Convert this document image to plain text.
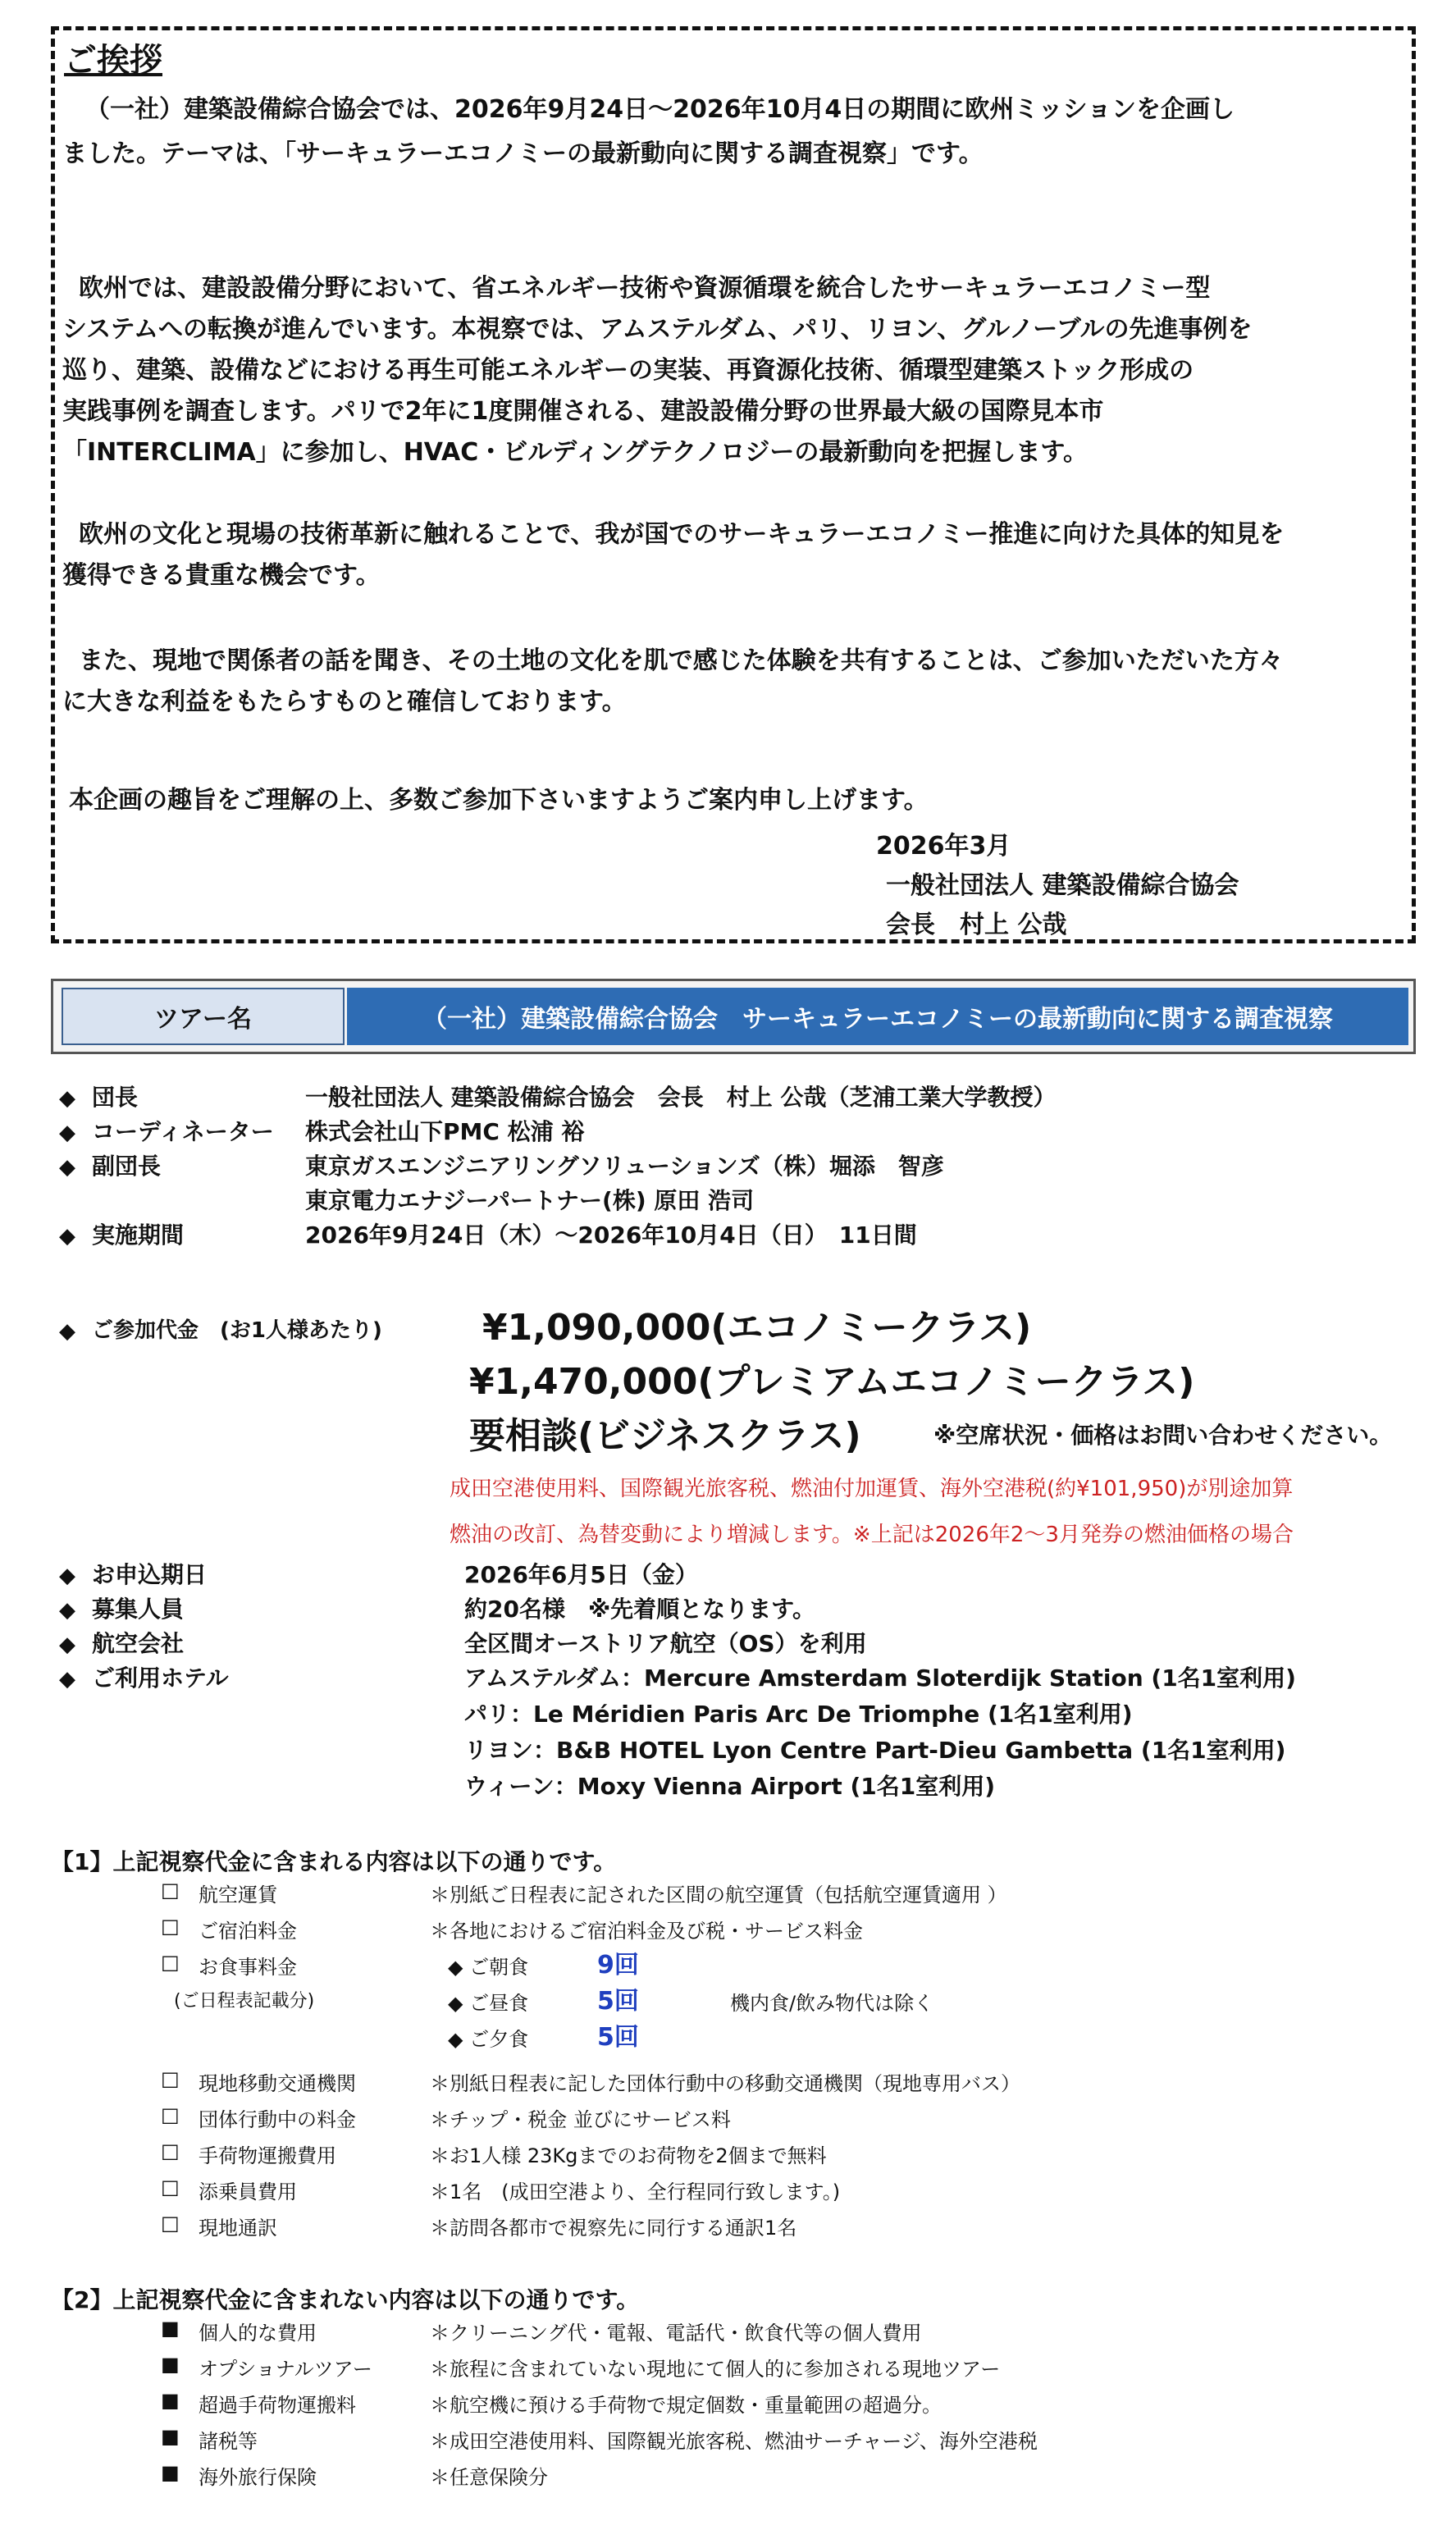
ご挨拶
（一社）建築設備綜合協会では、2026年9月24日〜2026年10月4日の期間に欧州ミッションを企画し
ました。テーマは、「サーキュラーエコノミーの最新動向に関する調査視察」です。
欧州では、建設設備分野において、省エネルギー技術や資源循環を統合したサーキュラーエコノミー型
システムへの転換が進んでいます。本視察では、アムステルダム、パリ、リヨン、グルノーブルの先進事例を
巡り、建築、設備などにおける再生可能エネルギーの実装、再資源化技術、循環型建築ストック形成の
実践事例を調査します。パリで2年に1度開催される、建設設備分野の世界最大級の国際見本市
「INTERCLIMA」に参加し、HVAC・ビルディングテクノロジーの最新動向を把握します。
欧州の文化と現場の技術革新に触れることで、我が国でのサーキュラーエコノミー推進に向けた具体的知見を
獲得できる貴重な機会です。
また、現地で関係者の話を聞き、その土地の文化を肌で感じた体験を共有することは、ご参加いただいた方々
に大きな利益をもたらすものと確信しております。
本企画の趣旨をご理解の上、多数ご参加下さいますようご案内申し上げます。
2026年3月
一般社団法人 建築設備綜合協会
会長　村上 公哉
ツアー名	（一社）建築設備綜合協会　サーキュラーエコノミーの最新動向に関する調査視察
◆ 団長	一般社団法人 建築設備綜合協会　会長　村上 公哉（芝浦工業大学教授）
◆ コーディネーター 株式会社山下PMC 松浦 裕
◆ 副団長	東京ガスエンジニアリングソリューションズ（株）堀添　智彦
東京電力エナジーパートナー(株) 原田 浩司
◆ 実施期間	2026年9月24日（木）〜2026年10月4日（日）　11日間
◆ ご参加代金　(お1人様あたり)	¥1,090,000(エコノミークラス)
¥1,470,000(プレミアムエコノミークラス)
要相談(ビジネスクラス)	※空席状況・価格はお問い合わせください。
成田空港使用料、国際観光旅客税、燃油付加運賃、海外空港税(約¥101,950)が別途加算
燃油の改訂、為替変動により増減します。※上記は2026年2〜3月発券の燃油価格の場合
◆ お申込期日	2026年6月5日（金）
◆ 募集人員	約20名様　※先着順となります。
◆ 航空会社	全区間オーストリア航空（OS）を利用
◆ ご利用ホテル	アムステルダム：Mercure Amsterdam Sloterdijk Station (1名1室利用)
パリ：Le Méridien Paris Arc De Triomphe (1名1室利用)
リヨン：B&B HOTEL Lyon Centre Part-Dieu Gambetta (1名1室利用)
ウィーン：Moxy Vienna Airport (1名1室利用)
【1】上記視察代金に含まれる内容は以下の通りです。
□ 航空運賃	＊別紙ご日程表に記された区間の航空運賃（包括航空運賃適用 ）
□ ご宿泊料金	＊各地におけるご宿泊料金及び税・サービス料金
□ お食事料金
(ご日程表記載分)
◆ ご朝食	9回
◆ ご昼食	5回	機内食/飲み物代は除く
◆ ご夕食	5回
□ 現地移動交通機関	＊別紙日程表に記した団体行動中の移動交通機関（現地専用バス）
□ 団体行動中の料金	＊チップ・税金 並びにサービス料
□ 手荷物運搬費用	＊お1人様 23Kgまでのお荷物を2個まで無料
□ 添乗員費用	＊1名　(成田空港より、全行程同行致します。)
□ 現地通訳	＊訪問各都市で視察先に同行する通訳1名
【2】上記視察代金に含まれない内容は以下の通りです。
■ 個人的な費用	＊クリーニング代・電報、電話代・飲食代等の個人費用
■ オプショナルツアー	＊旅程に含まれていない現地にて個人的に参加される現地ツアー
■ 超過手荷物運搬料	＊航空機に預ける手荷物で規定個数・重量範囲の超過分。
■ 諸税等	＊成田空港使用料、国際観光旅客税、燃油サーチャージ、海外空港税
■ 海外旅行保険	＊任意保険分
